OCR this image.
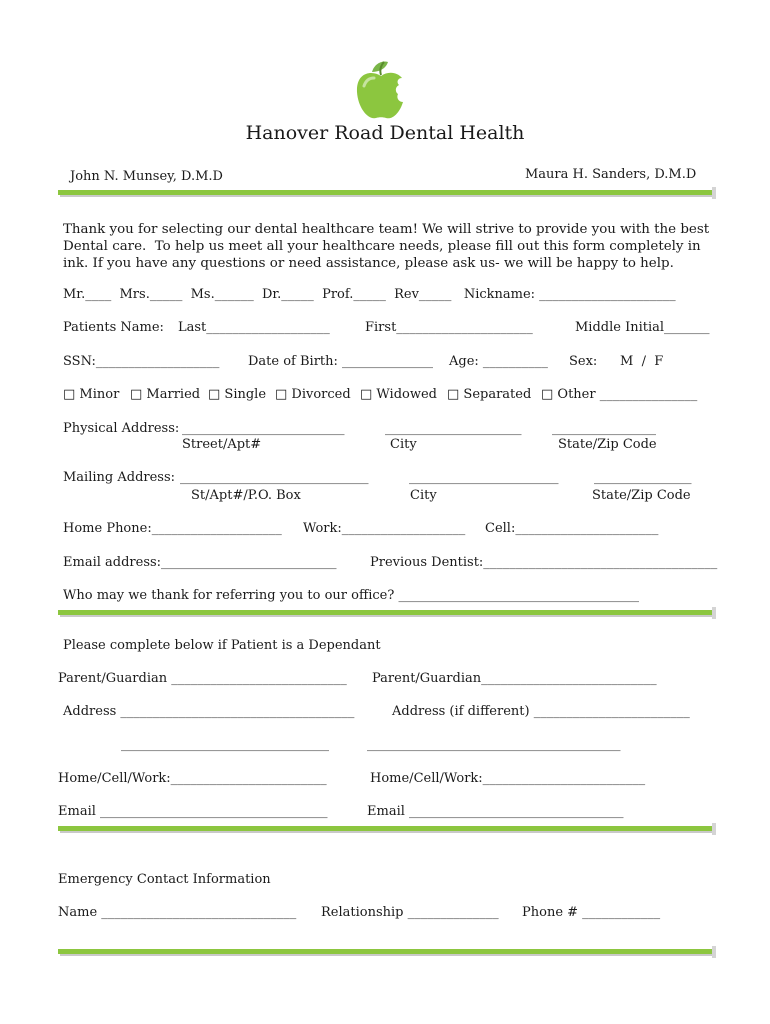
Hanover Road Dental Health
John N. Munsey, D.M.D	Maura H. Sanders, D.M.D
Thank you for selecting our dental healthcare team! We will strive to provide you with the best
Dental care.  To help us meet all your healthcare needs, please fill out this form completely in
ink. If you have any questions or need assistance, please ask us- we will be happy to help.
Mr.____  Mrs._____  Ms.______  Dr._____  Prof._____  Rev_____   Nickname: _____________________
Patients Name: Last___________________	First_____________________	Middle Initial_______
SSN:___________________ Date of Birth: ______________ Age: __________ Sex: M  /  F
□ Minor □ Married □ Single □ Divorced □ Widowed □ Separated □ Other _______________
Physical Address: _________________________	_____________________ ________________
Street/Apt#	City	State/Zip Code
Mailing Address: _____________________________	_______________________	_______________
St/Apt#/P.O. Box	City	State/Zip Code
Home Phone:____________________ Work:___________________ Cell:______________________
Email address:___________________________	Previous Dentist:____________________________________
Who may we thank for referring you to our office? _____________________________________
Please complete below if Patient is a Dependant
Parent/Guardian ___________________________ Parent/Guardian___________________________
Address ____________________________________	Address (if different) ________________________
________________________________	_______________________________________
Home/Cell/Work:________________________	Home/Cell/Work:_________________________
Email ___________________________________	Email _________________________________
Emergency Contact Information
Name ______________________________ Relationship ______________ Phone # ____________
